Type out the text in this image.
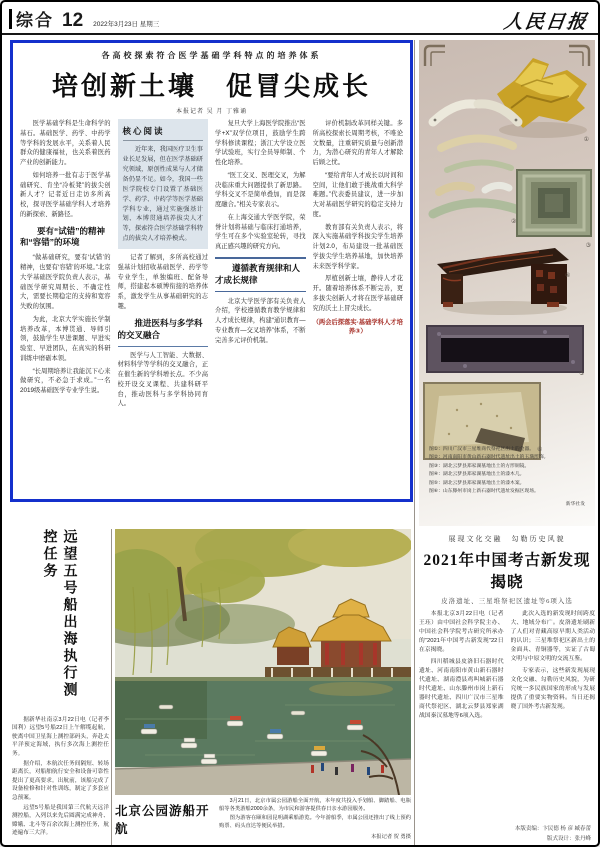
综合 12 2022年3月23日 星期三	人民日报
各高校探索符合医学基础学科特点的培养体系
培创新土壤　促冒尖成长
本报记者 吴 月 丁雅诵

医学基础学科是生命科学的基石。基础医学、药学、中药学等学科的发展水平，关系着人民群众的健康福祉，也关系着医药产业的创新能力。

如何培养一批有志于医学基础研究、肯坐“冷板凳”的拔尖创新人才？记者近日走访多所高校，探寻医学基础学科人才培养的新探索、新路径。

要有“试错”的精神和“容错”的环境

“做基础研究，要有‘试错’的精神，也要有‘容错’的环境。”北京大学基础医学院负责人表示，基础医学研究周期长、不确定性大，需要长期稳定的支持和宽容失败的氛围。

为此，北京大学实施长学制培养改革，本博贯通、导师引领，鼓励学生早进课题、早进实验室、早进团队，在真实的科研训练中磨砺本领。

“长周期培养让我能沉下心来做研究，不必急于求成。”一名2019级基础医学专业学生说。

核心阅读

近年来，我国医疗卫生事业长足发展，但在医学基础研究领域，原创性成果与人才储备仍显不足。如今，我国一些医学院校专门设置了基础医学、药学、中药学等医学基础学科专业，通过实施强基计划、本博贯通培养拔尖人才等，探索符合医学基础学科特点的拔尖人才培养模式。

记者了解到，多所高校通过强基计划招收基础医学、药学等专业学生，单独编班、配备导师，搭建起本硕博衔接的培养体系，激发学生从事基础研究的志趣。

推进医科与多学科的交叉融合

医学与人工智能、大数据、材料科学等学科的交叉融合，正在催生新的学科增长点。不少高校开设交叉课程、共建科研平台，推动医科与多学科协同育人。

复旦大学上海医学院推出“医学+X”双学位项目，鼓励学生跨学科修读课程；浙江大学设立医学试验班，实行全员导师制、个性化培养。

“医工交叉、医理交叉，为解决临床重大问题提供了新思路。学科交叉不是简单叠加，而是深度融合。”相关专家表示。

在上海交通大学医学院，荣誉计划将基础与临床打通培养，学生可在多个实验室轮转，寻找真正感兴趣的研究方向。

遵循教育规律和人才成长规律

北京大学医学部有关负责人介绍，学校遵循教育教学规律和人才成长规律，构建“通识教育—专业教育—交叉培养”体系，不断完善多元评价机制。

评价机制改革同样关键。多所高校探索长周期考核，不唯论文数量，注重研究质量与创新潜力，为潜心研究的青年人才解除后顾之忧。

“要给青年人才成长以时间和空间，让他们敢于挑战重大科学难题。”代表委员建议，进一步加大对基础医学研究的稳定支持力度。

教育部有关负责人表示，将深入实施基础学科拔尖学生培养计划2.0，布局建设一批基础医学拔尖学生培养基地，加快培养未来医学科学家。

厚植创新土壤，静待人才花开。随着培养体系不断完善，更多拔尖创新人才将在医学基础研究的沃土上冒尖成长。

（两会后探落实·基础学科人才培养③）
①
②
③
④
⑤
⑥

图①：四川广汉市三星堆商代祭祀区出土的金器。

图②：河南南阳市黄山新石器时代遗址出土的玉璜形饰。

图③：湖北云梦县郑家湖墓地出土的方形铜镜。

图④：湖北云梦县郑家湖墓地出土的漆木几。

图⑤：湖北云梦县郑家湖墓地出土的漆木案。

图⑥：山东滕州市岗上新石器时代遗址发掘区现场。

新华社发
展现文化交融　勾勒历史风貌
2021年中国考古新发现揭晓
皮洛遗址、三星堆祭祀区遗址等6项入选

本报北京3月22日电（记者王珏）由中国社会科学院主办、中国社会科学院考古研究所承办的“2021年中国考古新发现”22日在京揭晓。

四川稻城县皮洛旧石器时代遗址、河南南阳市黄山新石器时代遗址、湖南澧县鸡叫城新石器时代遗址、山东滕州市岗上新石器时代遗址、四川广汉市三星堆商代祭祀区、湖北云梦县郑家湖战国秦汉墓地等6项入选。

此次入选的新发现时间跨度大、地域分布广。皮洛遗址刷新了人们对青藏高原早期人类活动的认识；三星堆祭祀区新出土的金面具、青铜器等，实证了古蜀文明与中原文明的交流互鉴。

专家表示，这些新发现展现文化交融、勾勒历史风貌，为研究统一多民族国家的形成与发展提供了重要实物资料。当日还揭晓了国外考古新发现。

本版责编：卞民德 杨 彦 臧春蕾
版式设计：张丹峰
远望五号船出海执行测控任务

据新华社南京3月22日电（记者李国利）远望5号船22日上午解缆起航，驶离中国卫星海上测控部码头，奔赴太平洋预定海域，执行多次海上测控任务。

据介绍，本航次任务间隔短、转场距离长，对船舶航行安全和设备可靠性提出了更高要求。出航前，该船完成了设备检修和针对性训练，制定了多套应急预案。

远望5号船是我国第三代航天远洋测控船，入列以来先后圆满完成神舟、嫦娥、北斗等百余次海上测控任务，航迹遍布三大洋。

北京公园游船开航

3月21日，北京市属公园游船全面开航，本年度共投入手划船、脚踏船、电瓶船等各类游船2000余条，为市民和游客提供春日亲水游园服务。

图为游客在颐和园昆明湖乘船游览。今年游船季，市属公园还推出了线上预约购票、码头直达等便民举措。

本报记者 贺 勇摄
